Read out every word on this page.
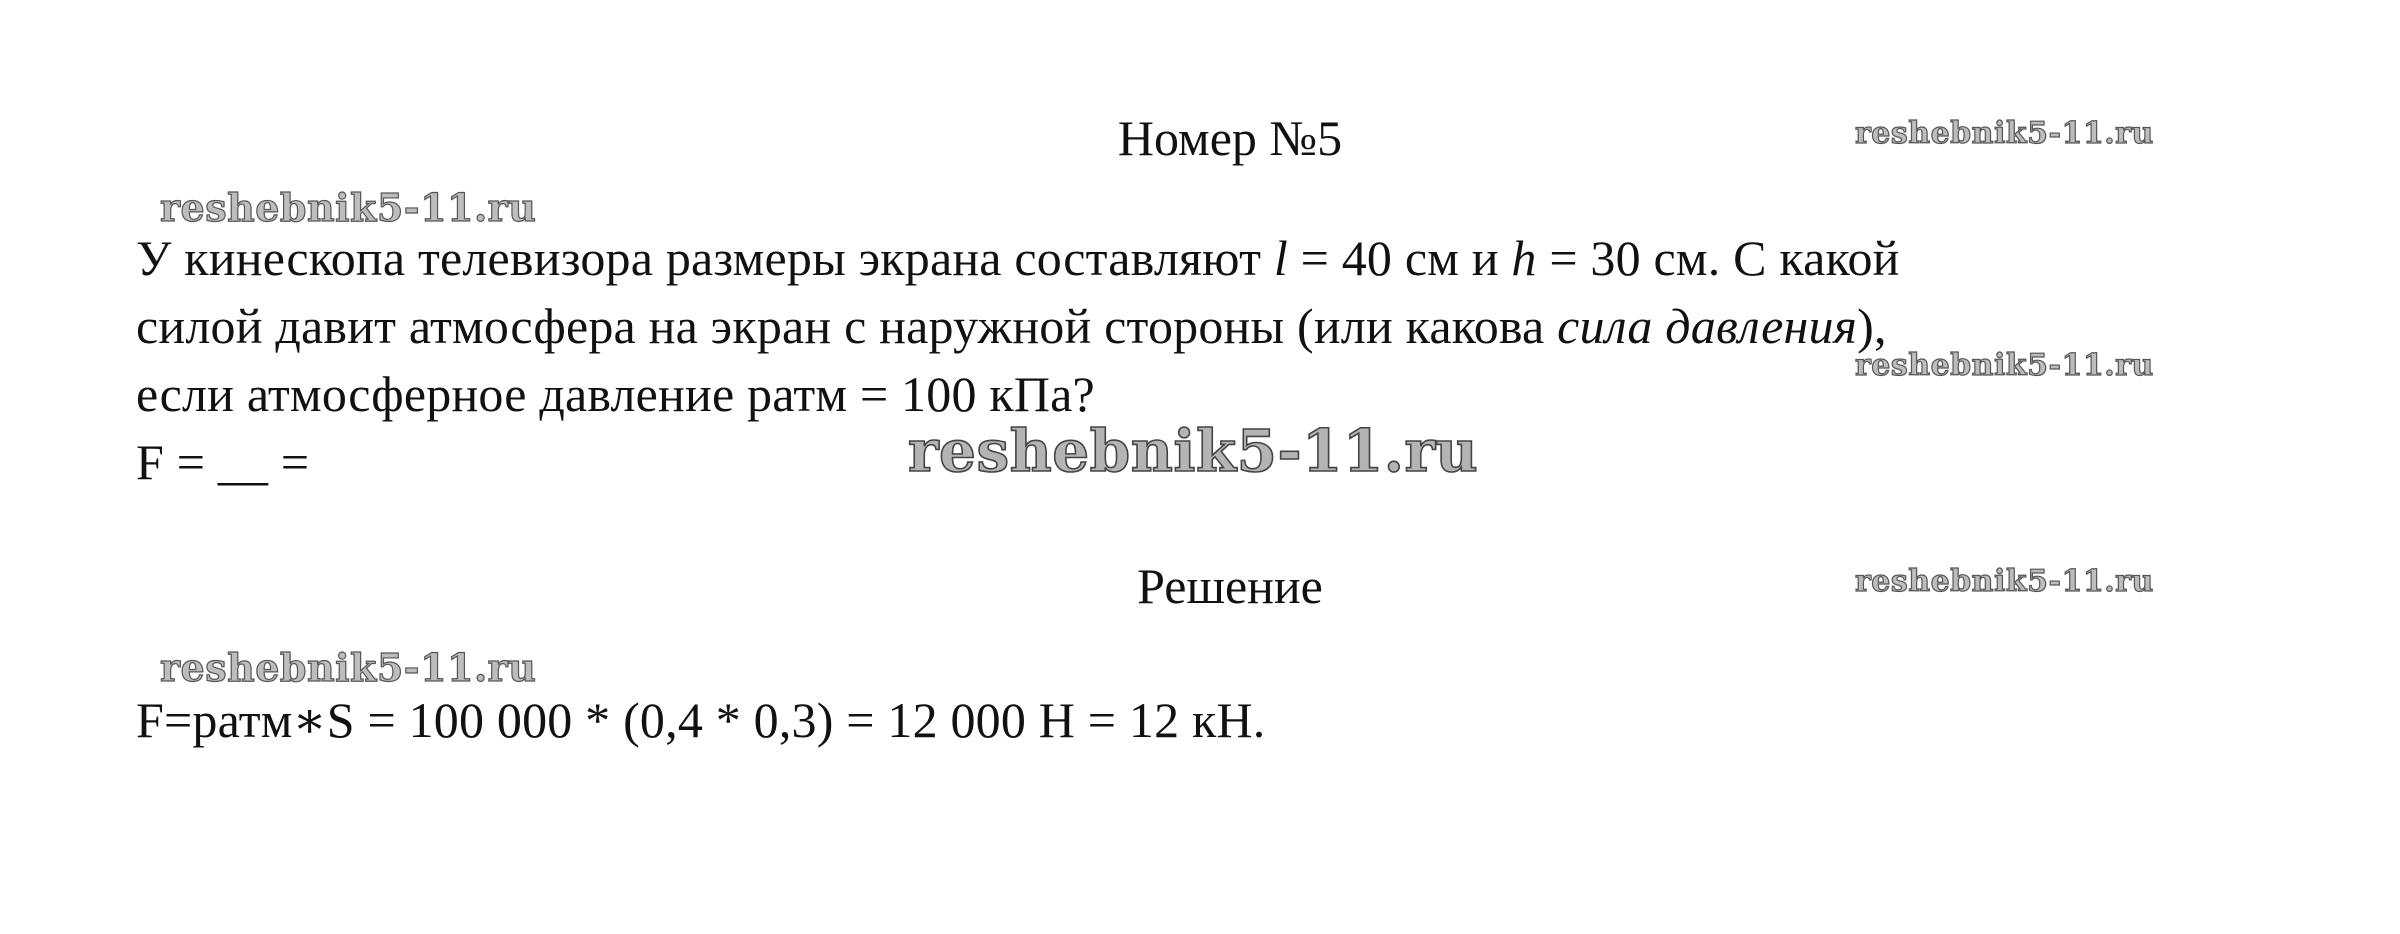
Номер №5	reshebnik5-11.ru
reshebnik5-11.ru
У кинескопа телевизора размеры экрана составляют l = 40 см и h = 30 см. С какой
силой давит атмосфера на экран с наружной стороны (или какова сила давления),
reshebnik5-11.ru
если атмосферное давление pатм = 100 кПа?
F = __ =	reshebnik5-11.ru
Решение	reshebnik5-11.ru
reshebnik5-11.ru
F=pатм∗S = 100 000 * (0,4 * 0,3) = 12 000 Н = 12 кН.
